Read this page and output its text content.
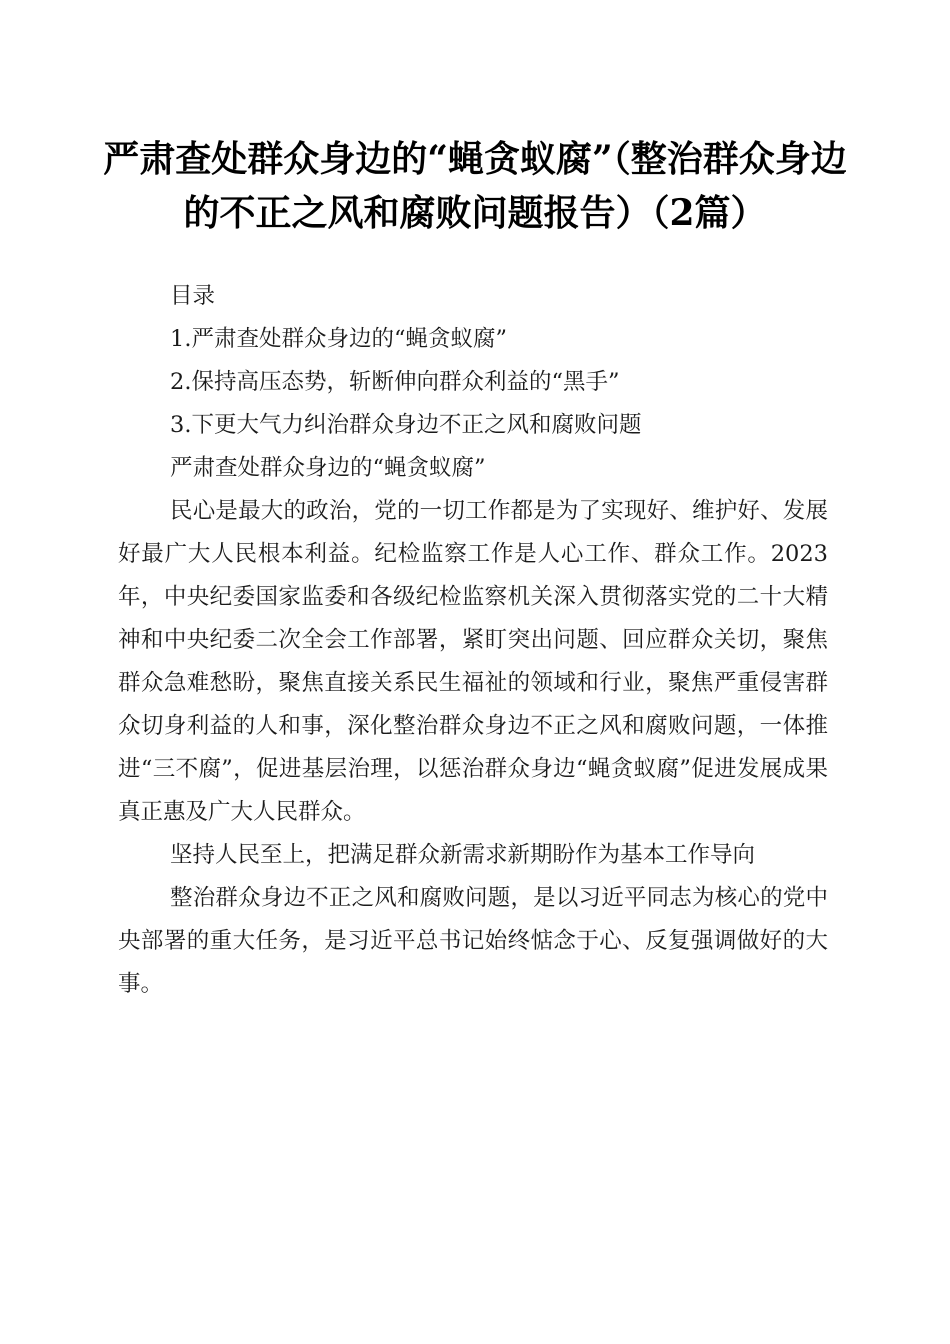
严肃查处群众身边的“蝇贪蚁腐”（整治群众身边的不正之风和腐败问题报告）（2篇）

目录

1.严肃查处群众身边的“蝇贪蚁腐”

2.保持高压态势，斩断伸向群众利益的“黑手”

3.下更大气力纠治群众身边不正之风和腐败问题

严肃查处群众身边的“蝇贪蚁腐”

民心是最大的政治，党的一切工作都是为了实现好、维护好、发展好最广大人民根本利益。纪检监察工作是人心工作、群众工作。2023年，中央纪委国家监委和各级纪检监察机关深入贯彻落实党的二十大精神和中央纪委二次全会工作部署，紧盯突出问题、回应群众关切，聚焦群众急难愁盼，聚焦直接关系民生福祉的领域和行业，聚焦严重侵害群众切身利益的人和事，深化整治群众身边不正之风和腐败问题，一体推进“三不腐”，促进基层治理，以惩治群众身边“蝇贪蚁腐”促进发展成果真正惠及广大人民群众。

坚持人民至上，把满足群众新需求新期盼作为基本工作导向

整治群众身边不正之风和腐败问题，是以习近平同志为核心的党中央部署的重大任务，是习近平总书记始终惦念于心、反复强调做好的大事。
